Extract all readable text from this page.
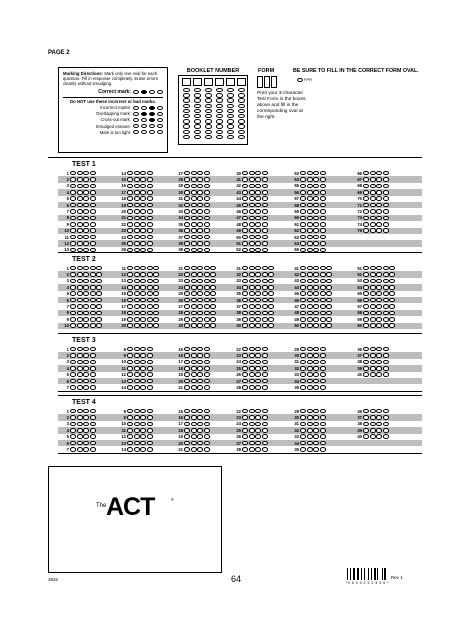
PAGE 2
Marking Directions: Mark only one oval for each question. Fill in response completely. Erase errors cleanly without smudging.
Correct mark:
Do NOT use these incorrect or bad marks.
Incorrect marks:
Overlapping mark:
Cross-out mark:
Smudged erasure:
Mark is too light:
BOOKLET NUMBER	FORM
Print your 3-character Test Form in the boxes above and fill in the corresponding oval at the right.
BE SURE TO FILL IN THE CORRECT FORM OVAL.
FPR
TEST 1
1
2
3
4
5
6
7
8
9
10
11
12
13
14
15
16
17
18
19
20
21
22
23
24
25
26
27
28
29
30
31
32
33
34
35
36
37
38
39
40
41
42
43
44
45
46
47
48
49
50
51
52
53
54
55
56
57
58
59
60
61
62
63
64
65
66
67
68
69
70
71
72
73
74
75
TEST 2
1
2
3
4
5
6
7
8
9
10
11
12
13
14
15
16
17
18
19
20
21
22
23
24
25
26
27
28
29
30
31
32
33
34
35
36
37
38
39
40
41
42
43
44
45
46
47
48
49
50
51
52
53
54
55
56
57
58
59
60
TEST 3
1
2
3
4
5
6
7
8
9
10
11
12
13
14
15
16
17
18
19
20
21
22
23
24
25
26
27
28
29
30
31
32
33
34
35
36
37
38
39
40
TEST 4
1
2
3
4
5
6
7
8
9
10
11
12
13
14
15
16
17
18
19
20
21
22
23
24
25
26
27
28
29
30
31
32
33
34
35
36
37
38
39
40
The ACT	®
3832	64	*0 5 0 5 0 2 2 3 3 5 *
Rev 1
